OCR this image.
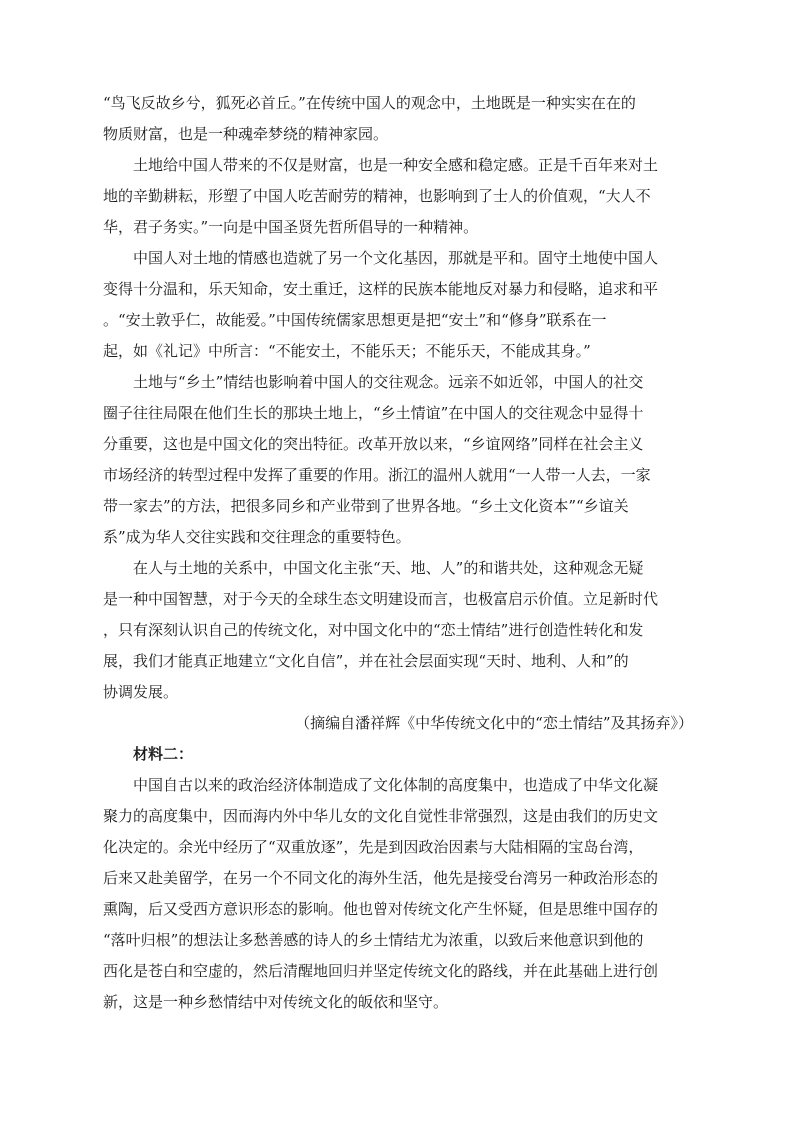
“鸟飞反故乡兮，狐死必首丘。”在传统中国人的观念中，土地既是一种实实在在的
物质财富，也是一种魂牵梦绕的精神家园。
土地给中国人带来的不仅是财富，也是一种安全感和稳定感。正是千百年来对土
地的辛勤耕耘，形塑了中国人吃苦耐劳的精神，也影响到了士人的价值观，“大人不
华，君子务实。”一向是中国圣贤先哲所倡导的一种精神。
中国人对土地的情感也造就了另一个文化基因，那就是平和。固守土地使中国人
变得十分温和，乐天知命，安土重迁，这样的民族本能地反对暴力和侵略，追求和平
。“安土敦乎仁，故能爱。”中国传统儒家思想更是把“安土”和“修身”联系在一
起，如《礼记》中所言：“不能安土，不能乐天；不能乐天，不能成其身。”
土地与“乡土”情结也影响着中国人的交往观念。远亲不如近邻，中国人的社交
圈子往往局限在他们生长的那块土地上，“乡土情谊”在中国人的交往观念中显得十
分重要，这也是中国文化的突出特征。改革开放以来，“乡谊网络”同样在社会主义
市场经济的转型过程中发挥了重要的作用。浙江的温州人就用“一人带一人去，一家
带一家去”的方法，把很多同乡和产业带到了世界各地。“乡土文化资本”“乡谊关
系”成为华人交往实践和交往理念的重要特色。
在人与土地的关系中，中国文化主张“天、地、人”的和谐共处，这种观念无疑
是一种中国智慧，对于今天的全球生态文明建设而言，也极富启示价值。立足新时代
，只有深刻认识自己的传统文化，对中国文化中的“恋土情结”进行创造性转化和发
展，我们才能真正地建立“文化自信”，并在社会层面实现“天时、地利、人和”的
协调发展。
（摘编自潘祥辉《中华传统文化中的“恋土情结”及其扬弃》）
材料二：
中国自古以来的政治经济体制造成了文化体制的高度集中，也造成了中华文化凝
聚力的高度集中，因而海内外中华儿女的文化自觉性非常强烈，这是由我们的历史文
化决定的。余光中经历了“双重放逐”，先是到因政治因素与大陆相隔的宝岛台湾，
后来又赴美留学，在另一个不同文化的海外生活，他先是接受台湾另一种政治形态的
熏陶，后又受西方意识形态的影响。他也曾对传统文化产生怀疑，但是思维中国存的
“落叶归根”的想法让多愁善感的诗人的乡土情结尤为浓重，以致后来他意识到他的
西化是苍白和空虚的，然后清醒地回归并坚定传统文化的路线，并在此基础上进行创
新，这是一种乡愁情结中对传统文化的皈依和坚守。
